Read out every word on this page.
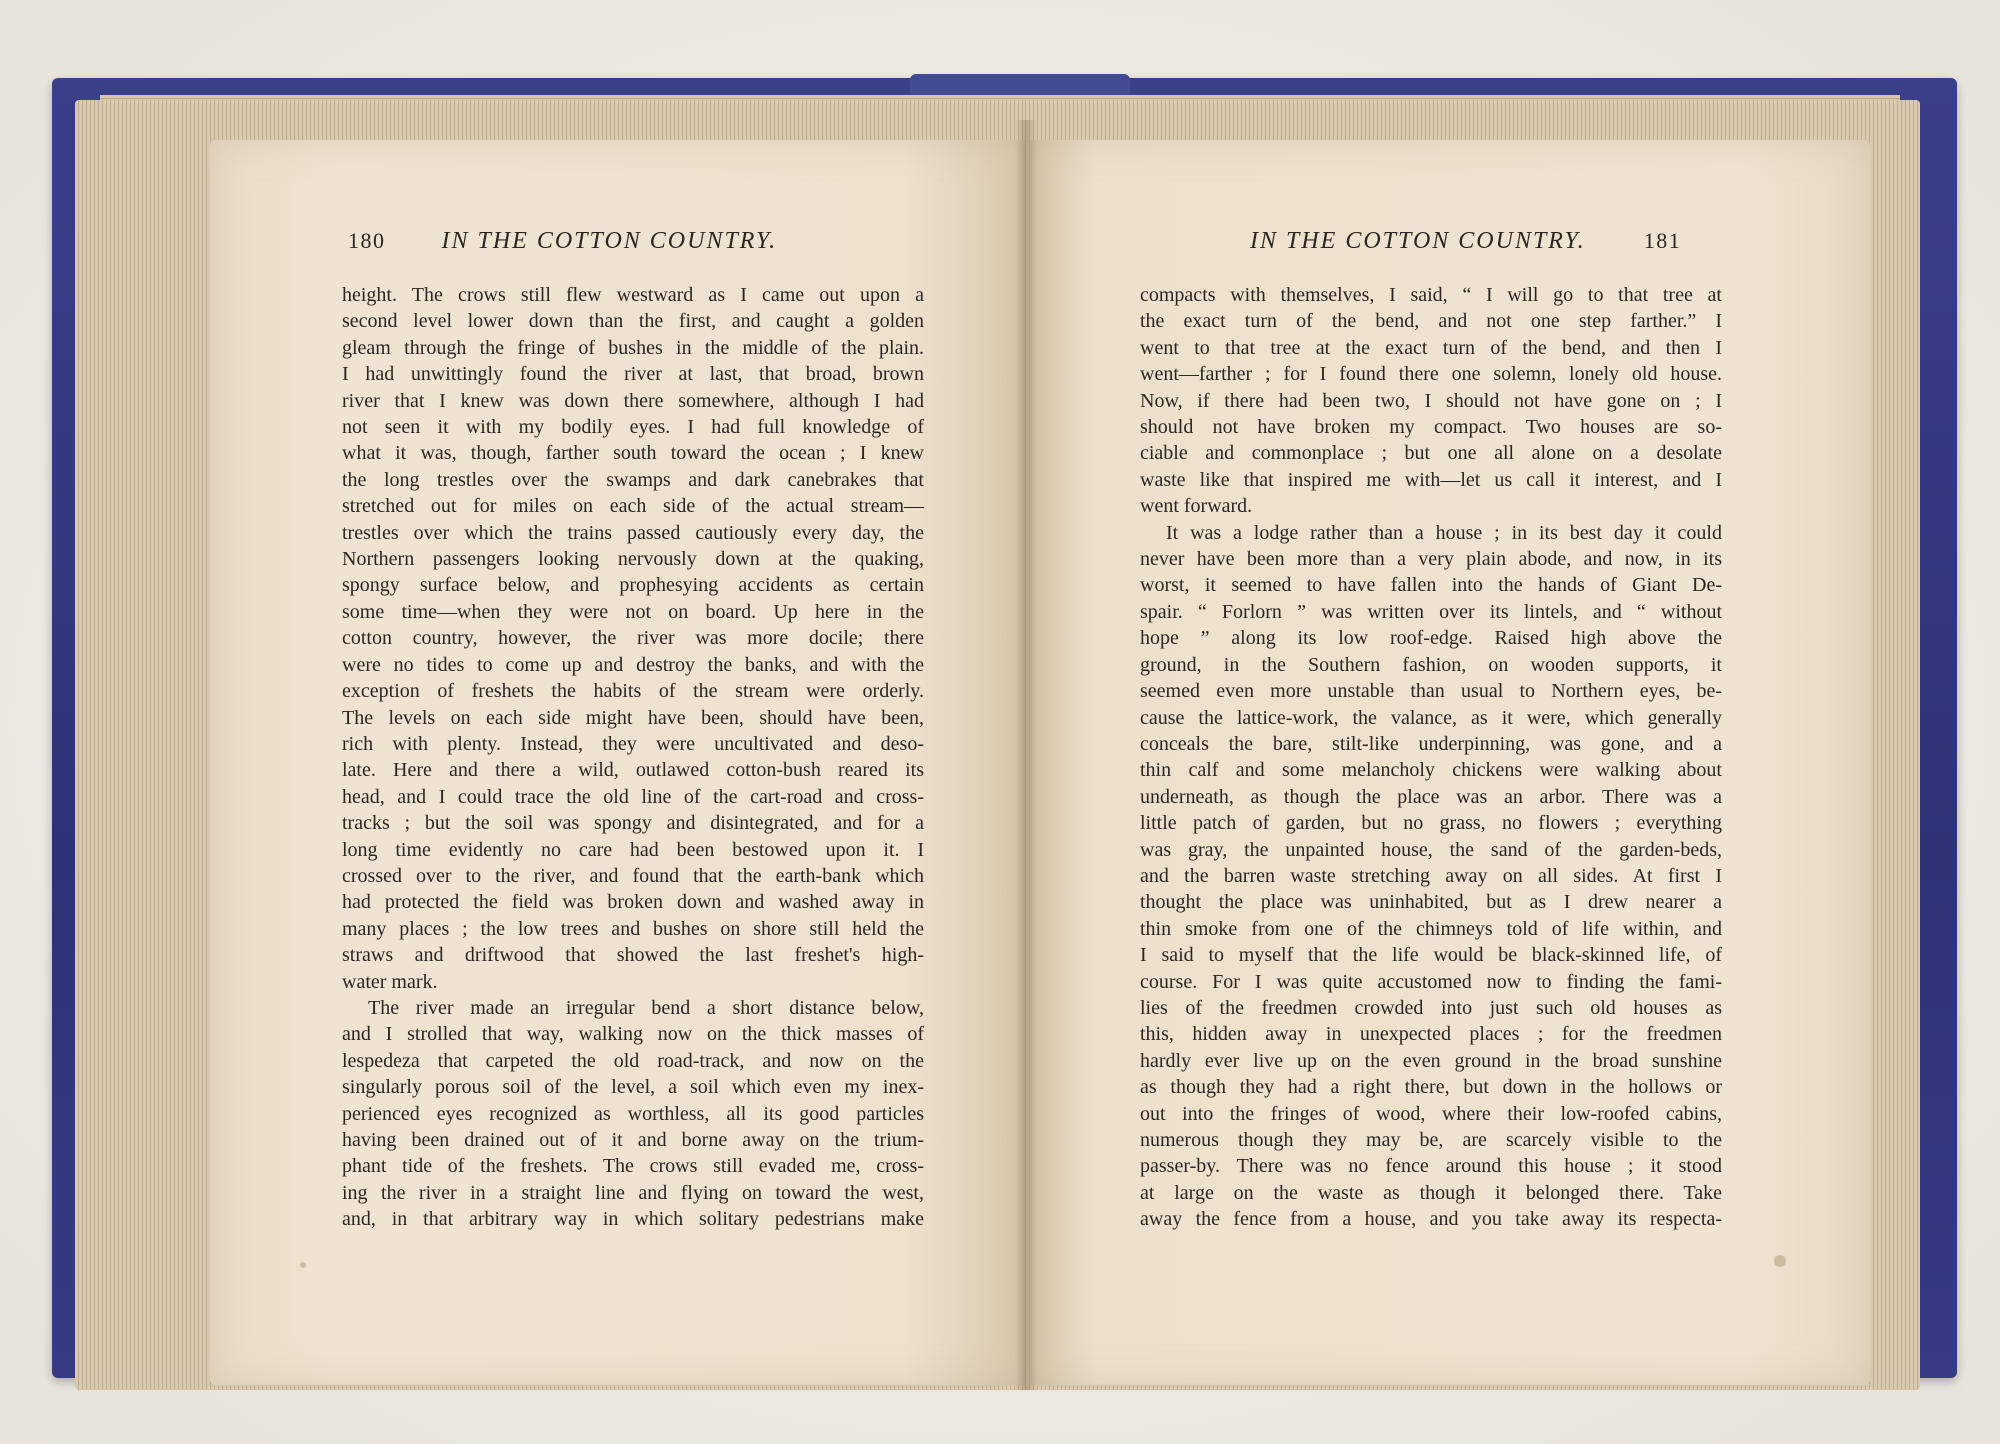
180 IN THE COTTON COUNTRY.	IN THE COTTON COUNTRY.	181
height. The crows still flew westward as I came out upon a
second level lower down than the first, and caught a golden
gleam through the fringe of bushes in the middle of the plain.
I had unwittingly found the river at last, that broad, brown
river that I knew was down there somewhere, although I had
not seen it with my bodily eyes. I had full knowledge of
what it was, though, farther south toward the ocean ; I knew
the long trestles over the swamps and dark canebrakes that
stretched out for miles on each side of the actual stream—
trestles over which the trains passed cautiously every day, the
Northern passengers looking nervously down at the quaking,
spongy surface below, and prophesying accidents as certain
some time—when they were not on board. Up here in the
cotton country, however, the river was more docile; there
were no tides to come up and destroy the banks, and with the
exception of freshets the habits of the stream were orderly.
The levels on each side might have been, should have been,
rich with plenty. Instead, they were uncultivated and deso-
late. Here and there a wild, outlawed cotton-bush reared its
head, and I could trace the old line of the cart-road and cross-
tracks ; but the soil was spongy and disintegrated, and for a
long time evidently no care had been bestowed upon it. I
crossed over to the river, and found that the earth-bank which
had protected the field was broken down and washed away in
many places ; the low trees and bushes on shore still held the
straws and driftwood that showed the last freshet's high-
water mark.
The river made an irregular bend a short distance below,
and I strolled that way, walking now on the thick masses of
lespedeza that carpeted the old road-track, and now on the
singularly porous soil of the level, a soil which even my inex-
perienced eyes recognized as worthless, all its good particles
having been drained out of it and borne away on the trium-
phant tide of the freshets. The crows still evaded me, cross-
ing the river in a straight line and flying on toward the west,
and, in that arbitrary way in which solitary pedestrians make
compacts with themselves, I said, “ I will go to that tree at
the exact turn of the bend, and not one step farther.” I
went to that tree at the exact turn of the bend, and then I
went—farther ; for I found there one solemn, lonely old house.
Now, if there had been two, I should not have gone on ; I
should not have broken my compact. Two houses are so-
ciable and commonplace ; but one all alone on a desolate
waste like that inspired me with—let us call it interest, and I
went forward.
It was a lodge rather than a house ; in its best day it could
never have been more than a very plain abode, and now, in its
worst, it seemed to have fallen into the hands of Giant De-
spair. “ Forlorn ” was written over its lintels, and “ without
hope ” along its low roof-edge. Raised high above the
ground, in the Southern fashion, on wooden supports, it
seemed even more unstable than usual to Northern eyes, be-
cause the lattice-work, the valance, as it were, which generally
conceals the bare, stilt-like underpinning, was gone, and a
thin calf and some melancholy chickens were walking about
underneath, as though the place was an arbor. There was a
little patch of garden, but no grass, no flowers ; everything
was gray, the unpainted house, the sand of the garden-beds,
and the barren waste stretching away on all sides. At first I
thought the place was uninhabited, but as I drew nearer a
thin smoke from one of the chimneys told of life within, and
I said to myself that the life would be black-skinned life, of
course. For I was quite accustomed now to finding the fami-
lies of the freedmen crowded into just such old houses as
this, hidden away in unexpected places ; for the freedmen
hardly ever live up on the even ground in the broad sunshine
as though they had a right there, but down in the hollows or
out into the fringes of wood, where their low-roofed cabins,
numerous though they may be, are scarcely visible to the
passer-by. There was no fence around this house ; it stood
at large on the waste as though it belonged there. Take
away the fence from a house, and you take away its respecta-
